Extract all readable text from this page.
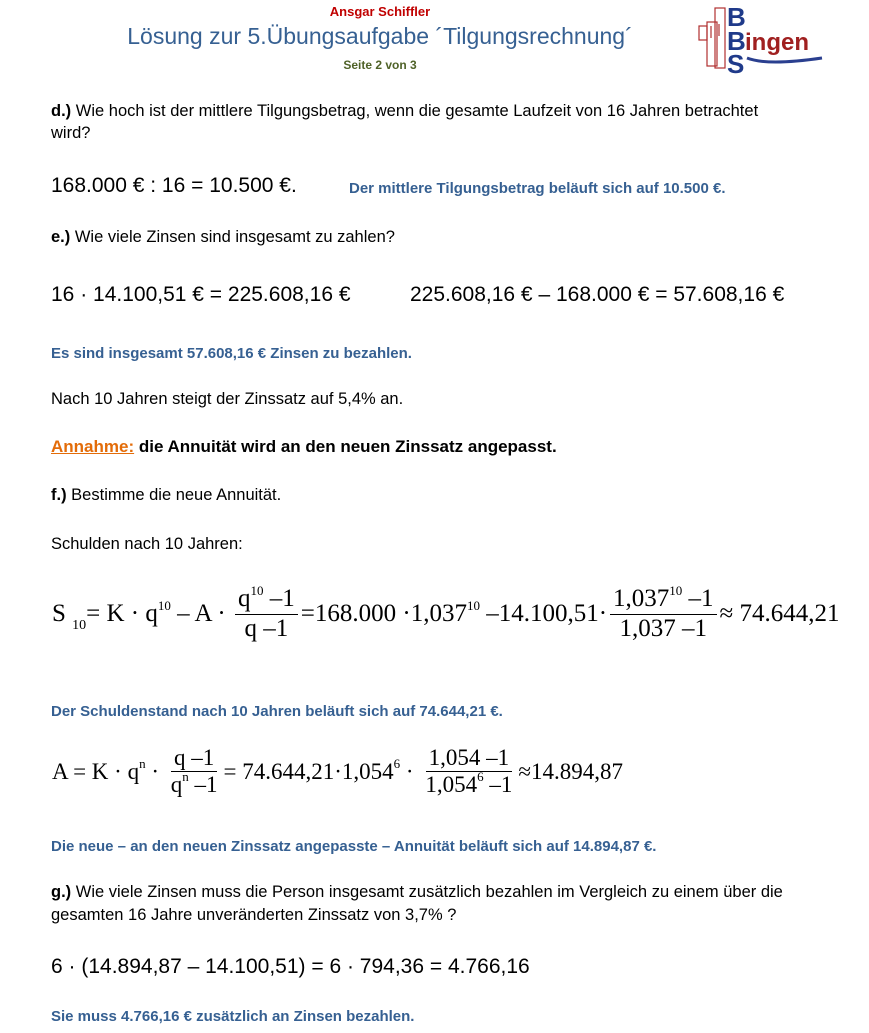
Ansgar Schiffler
Lösung zur 5.Übungsaufgabe ´Tilgungsrechnung´
Seite 2 von 3
B
B ingen
S
d.) Wie hoch ist der mittlere Tilgungsbetrag, wenn die gesamte Laufzeit von 16 Jahren betrachtet
wird?
168.000 € : 16 = 10.500 €.	Der mittlere Tilgungsbetrag beläuft sich auf 10.500 €.
e.) Wie viele Zinsen sind insgesamt zu zahlen?
16 · 14.100,51 € = 225.608,16 €	225.608,16 € – 168.000 € = 57.608,16 €
Es sind insgesamt 57.608,16 € Zinsen zu bezahlen.
Nach 10 Jahren steigt der Zinssatz auf 5,4% an.
Annahme: die Annuität wird an den neuen Zinssatz angepasst.
f.) Bestimme die neue Annuität.
Schulden nach 10 Jahren:
S $_{10} = K \cdot q^{10} - A \cdot \frac{q^{10} -1}{q -1} =168.000 \cdot 1,037^{10}$ $-14.100,51\cdot \frac{1,037^{10} -1}{1,037 -1} \approx 74.644,21$
Der Schuldenstand nach 10 Jahren beläuft sich auf 74.644,21 €.
$A = K \cdot q^n \cdot \frac{q -1}{q^n -1} = 74.644,21\cdot 1,054^6 \cdot \frac{1,054 -1}{1,054^6 -1} \approx 14.894,87$
Die neue – an den neuen Zinssatz angepasste – Annuität beläuft sich auf 14.894,87 €.
g.) Wie viele Zinsen muss die Person insgesamt zusätzlich bezahlen im Vergleich zu einem über die
gesamten 16 Jahre unveränderten Zinssatz von 3,7% ?
6 · (14.894,87 – 14.100,51) = 6 · 794,36 = 4.766,16
Sie muss 4.766,16 € zusätzlich an Zinsen bezahlen.
